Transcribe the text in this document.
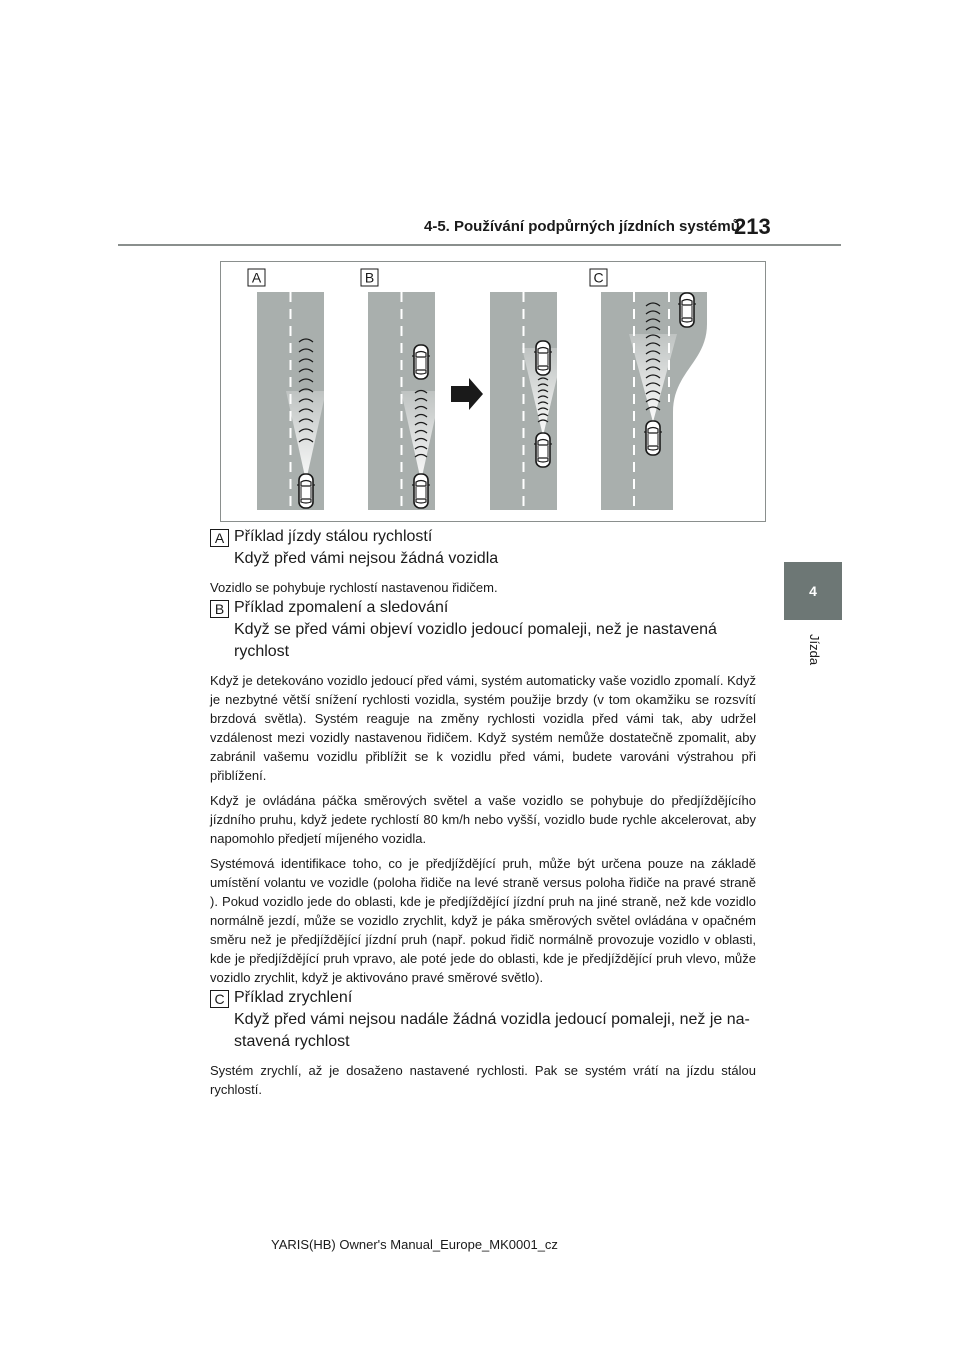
4-5. Používání podpůrných jízdních systémů
213
4
Jízda
A	B	C
A Příklad jízdy stálou rychlostí
Když před vámi nejsou žádná vozidla
Vozidlo se pohybuje rychlostí nastavenou řidičem.
B Příklad zpomalení a sledování
Když se před vámi objeví vozidlo jedoucí pomaleji, než je nastavená
rychlost
Když je detekováno vozidlo jedoucí před vámi, systém automaticky vaše vozidlo zpomalí. Když je nezbytné větší snížení rychlosti vozidla, systém použije brzdy (v tom okamžiku se rozsvítí brzdová světla). Systém reaguje na změny rychlosti vozidla před vámi tak, aby udržel vzdálenost mezi vozidly nastavenou řidičem. Když systém nemůže dostatečně zpomalit, aby zabránil vašemu vozidlu přiblížit se k vozidlu před vámi, budete varováni výstrahou při přiblížení.
Když je ovládána páčka směrových světel a vaše vozidlo se pohybuje do předjíždějícího jízdního pruhu, když jedete rychlostí 80 km/h nebo vyšší, vozidlo bude rychle akcelerovat, aby napomohlo předjetí míjeného vozidla.
Systémová identifikace toho, co je předjíždějící pruh, může být určena pouze na základě umístění volantu ve vozidle (poloha řidiče na levé straně versus poloha řidiče na pravé straně ). Pokud vozidlo jede do oblasti, kde je předjíždějící jízdní pruh na jiné straně, než kde vozidlo normálně jezdí, může se vozidlo zrychlit, když je páka směrových světel ovládána v opačném směru než je předjíždějící jízdní pruh (např. pokud řidič normálně provozuje vozidlo v oblasti, kde je předjíždějící pruh vpravo, ale poté jede do oblasti, kde je předjíždějící pruh vlevo, může vozidlo zrychlit, když je aktivováno pravé směrové světlo).
C Příklad zrychlení
Když před vámi nejsou nadále žádná vozidla jedoucí pomaleji, než je na-
stavená rychlost
Systém zrychlí, až je dosaženo nastavené rychlosti. Pak se systém vrátí na jízdu stálou rychlostí.
YARIS(HB) Owner's Manual_Europe_MK0001_cz
